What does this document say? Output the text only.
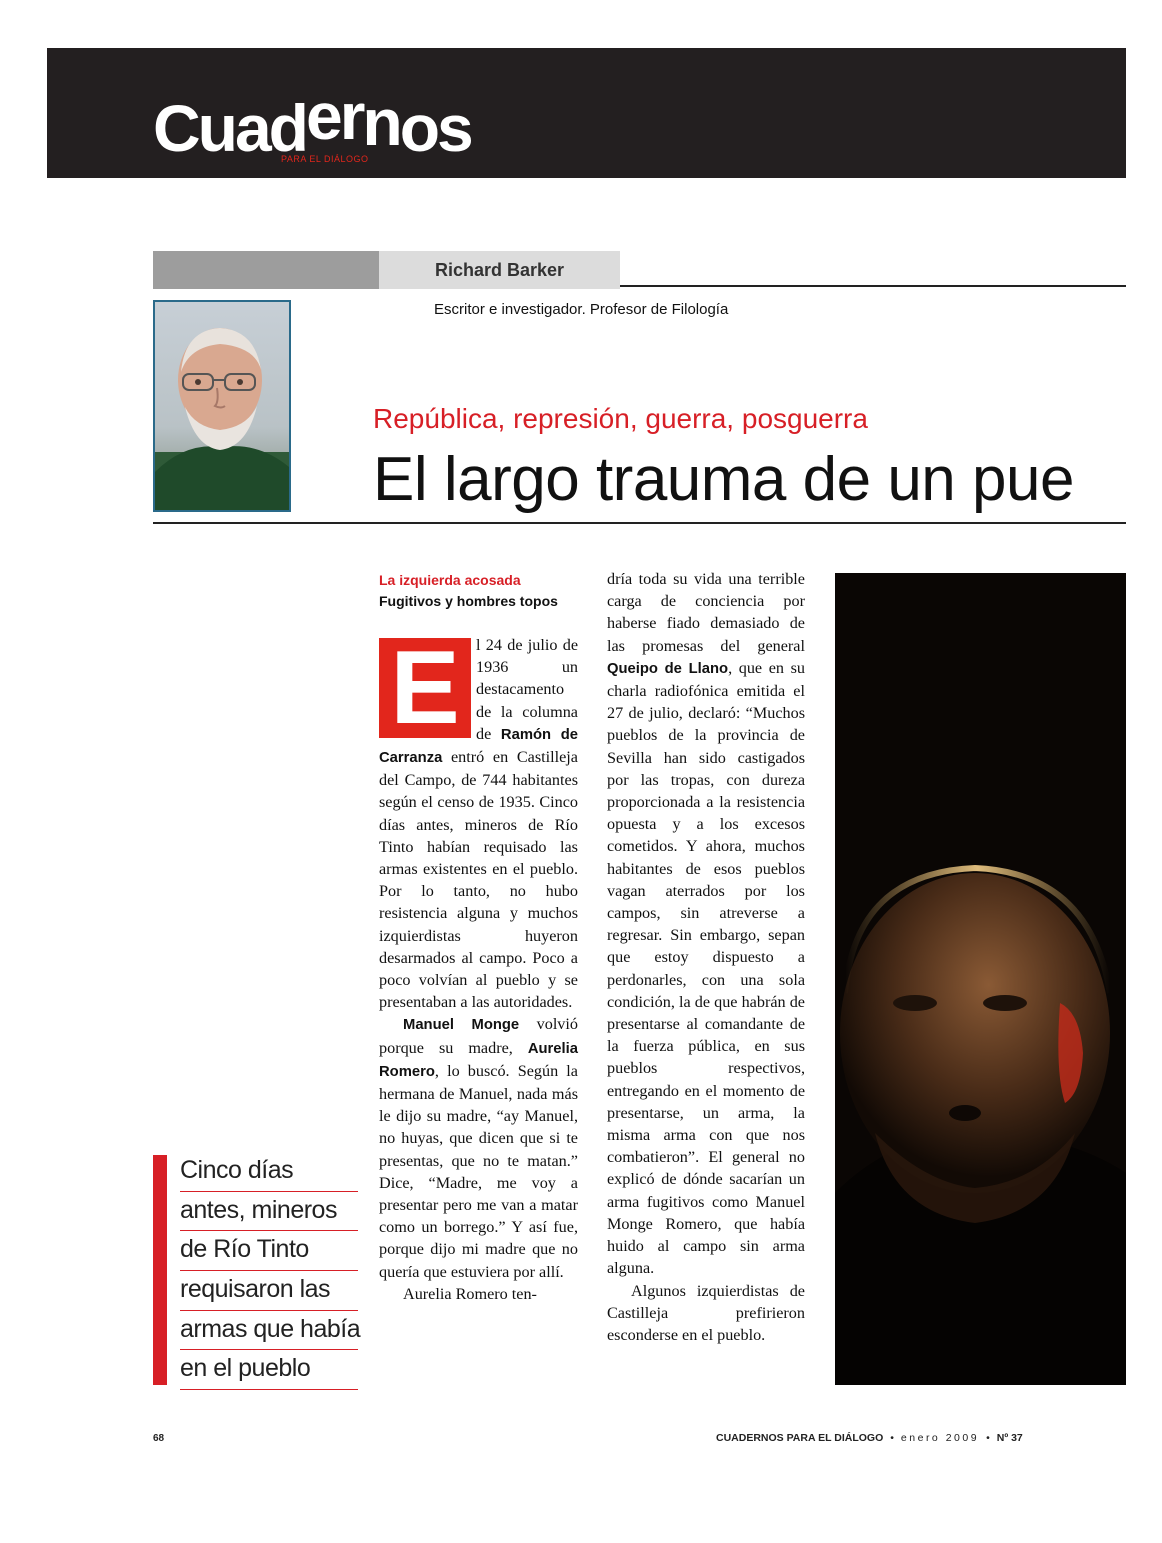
Cuadernos
PARA EL DIÁLOGO
Richard Barker
Escritor e investigador. Profesor de Filología
República, represión, guerra, posguerra
El largo trauma de un pue
La izquierda acosada
Fugitivos y hombres topos
E	l 24 de julio de 1936 un destacamento de la columna de Ramón de Carranza entró en Castilleja del Campo, de 744 habitantes según el censo de 1935. Cinco días antes, mineros de Río Tinto habían requisado las armas existentes en el pueblo. Por lo tanto, no hubo resistencia alguna y muchos izquierdistas huyeron desarmados al campo. Poco a poco volvían al pueblo y se presentaban a las autoridades.

Manuel Monge volvió porque su madre, Aurelia Romero, lo buscó. Según la hermana de Manuel, nada más le dijo su madre, “ay Manuel, no huyas, que dicen que si te presentas, que no te matan.” Dice, “Madre, me voy a presentar pero me van a matar como un borrego.” Y así fue, porque dijo mi madre que no quería que estuviera por allí.

Aurelia Romero ten-

dría toda su vida una terrible carga de conciencia por haberse fiado demasiado de las promesas del general Queipo de Llano, que en su charla radiofónica emitida el 27 de julio, declaró: “Muchos pueblos de la provincia de Sevilla han sido castigados por las tropas, con dureza proporcionada a la resistencia opuesta y a los excesos cometidos. Y ahora, muchos habitantes de esos pueblos vagan aterrados por los campos, sin atreverse a regresar. Sin embargo, sepan que estoy dispuesto a perdonarles, con una sola condición, la de que habrán de presentarse al comandante de la fuerza pública, en sus pueblos respectivos, entregando en el momento de presentarse, un arma, la misma arma con que nos combatieron”. El general no explicó de dónde sacarían un arma fugitivos como Manuel Monge Romero, que había huido al campo sin arma alguna.

Algunos izquierdistas de Castilleja prefirieron esconderse en el pueblo.

Cinco días
antes, mineros
de Río Tinto
requisaron las
armas que había
en el pueblo
68	CUADERNOS PARA EL DIÁLOGO • enero 2009 • Nº 37
